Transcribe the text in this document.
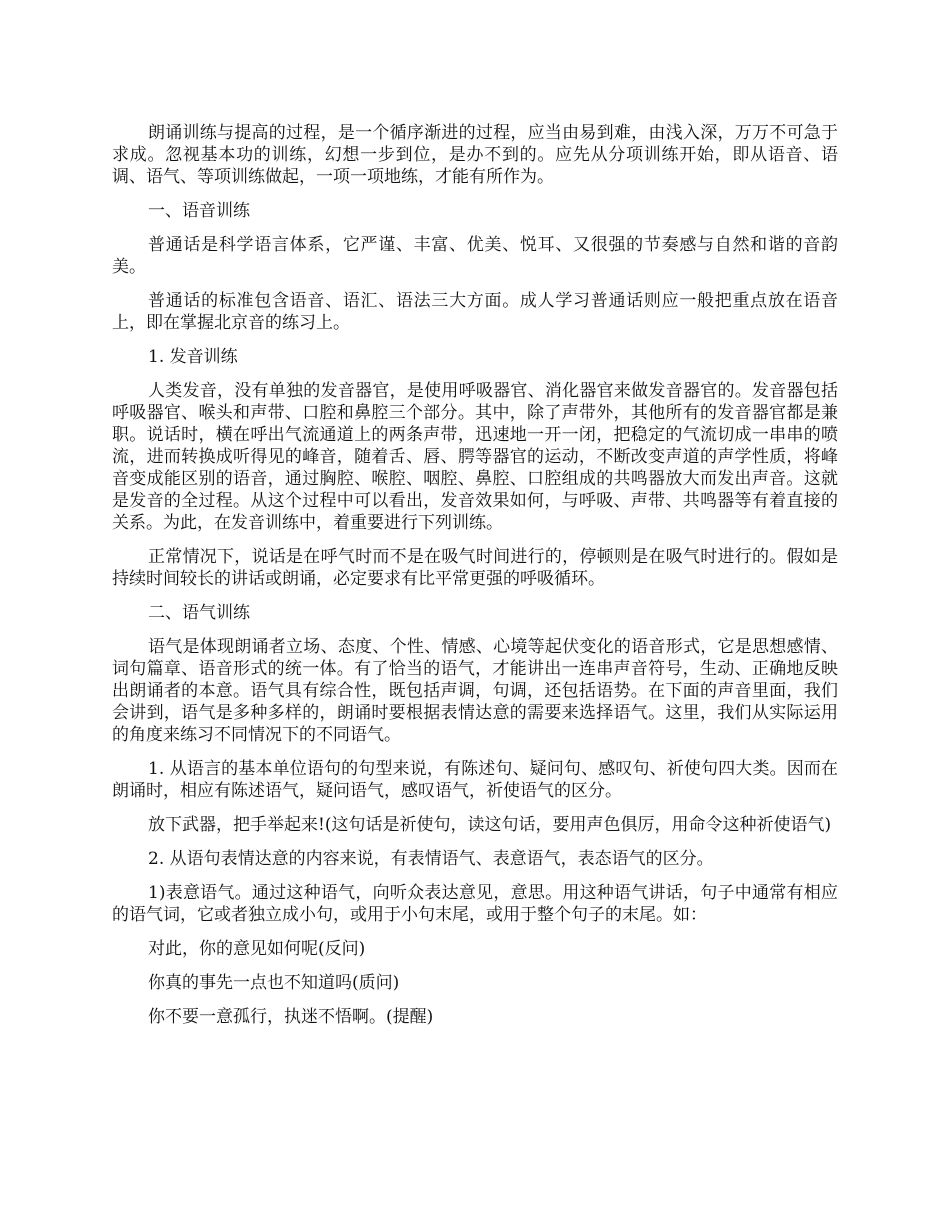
朗诵训练与提高的过程，是一个循序渐进的过程，应当由易到难，由浅入深，万万不可急于求成。忽视基本功的训练，幻想一步到位，是办不到的。应先从分项训练开始，即从语音、语调、语气、等项训练做起，一项一项地练，才能有所作为。

一、语音训练

普通话是科学语言体系，它严谨、丰富、优美、悦耳、又很强的节奏感与自然和谐的音韵美。

普通话的标准包含语音、语汇、语法三大方面。成人学习普通话则应一般把重点放在语音上，即在掌握北京音的练习上。

1. 发音训练

人类发音，没有单独的发音器官，是使用呼吸器官、消化器官来做发音器官的。发音器包括呼吸器官、喉头和声带、口腔和鼻腔三个部分。其中，除了声带外，其他所有的发音器官都是兼职。说话时，横在呼出气流通道上的两条声带，迅速地一开一闭，把稳定的气流切成一串串的喷流，进而转换成听得见的峰音，随着舌、唇、腭等器官的运动，不断改变声道的声学性质，将峰音变成能区别的语音，通过胸腔、喉腔、咽腔、鼻腔、口腔组成的共鸣器放大而发出声音。这就是发音的全过程。从这个过程中可以看出，发音效果如何，与呼吸、声带、共鸣器等有着直接的关系。为此，在发音训练中，着重要进行下列训练。

正常情况下，说话是在呼气时而不是在吸气时间进行的，停顿则是在吸气时进行的。假如是持续时间较长的讲话或朗诵，必定要求有比平常更强的呼吸循环。

二、语气训练

语气是体现朗诵者立场、态度、个性、情感、心境等起伏变化的语音形式，它是思想感情、词句篇章、语音形式的统一体。有了恰当的语气，才能讲出一连串声音符号，生动、正确地反映出朗诵者的本意。语气具有综合性，既包括声调，句调，还包括语势。在下面的声音里面，我们会讲到，语气是多种多样的，朗诵时要根据表情达意的需要来选择语气。这里，我们从实际运用的角度来练习不同情况下的不同语气。

1. 从语言的基本单位语句的句型来说，有陈述句、疑问句、感叹句、祈使句四大类。因而在朗诵时，相应有陈述语气，疑问语气，感叹语气，祈使语气的区分。

放下武器，把手举起来!(这句话是祈使句，读这句话，要用声色俱厉，用命令这种祈使语气)

2. 从语句表情达意的内容来说，有表情语气、表意语气，表态语气的区分。

1)表意语气。通过这种语气，向听众表达意见，意思。用这种语气讲话，句子中通常有相应的语气词，它或者独立成小句，或用于小句末尾，或用于整个句子的末尾。如：

对此，你的意见如何呢(反问)

你真的事先一点也不知道吗(质问)

你不要一意孤行，执迷不悟啊。(提醒)
